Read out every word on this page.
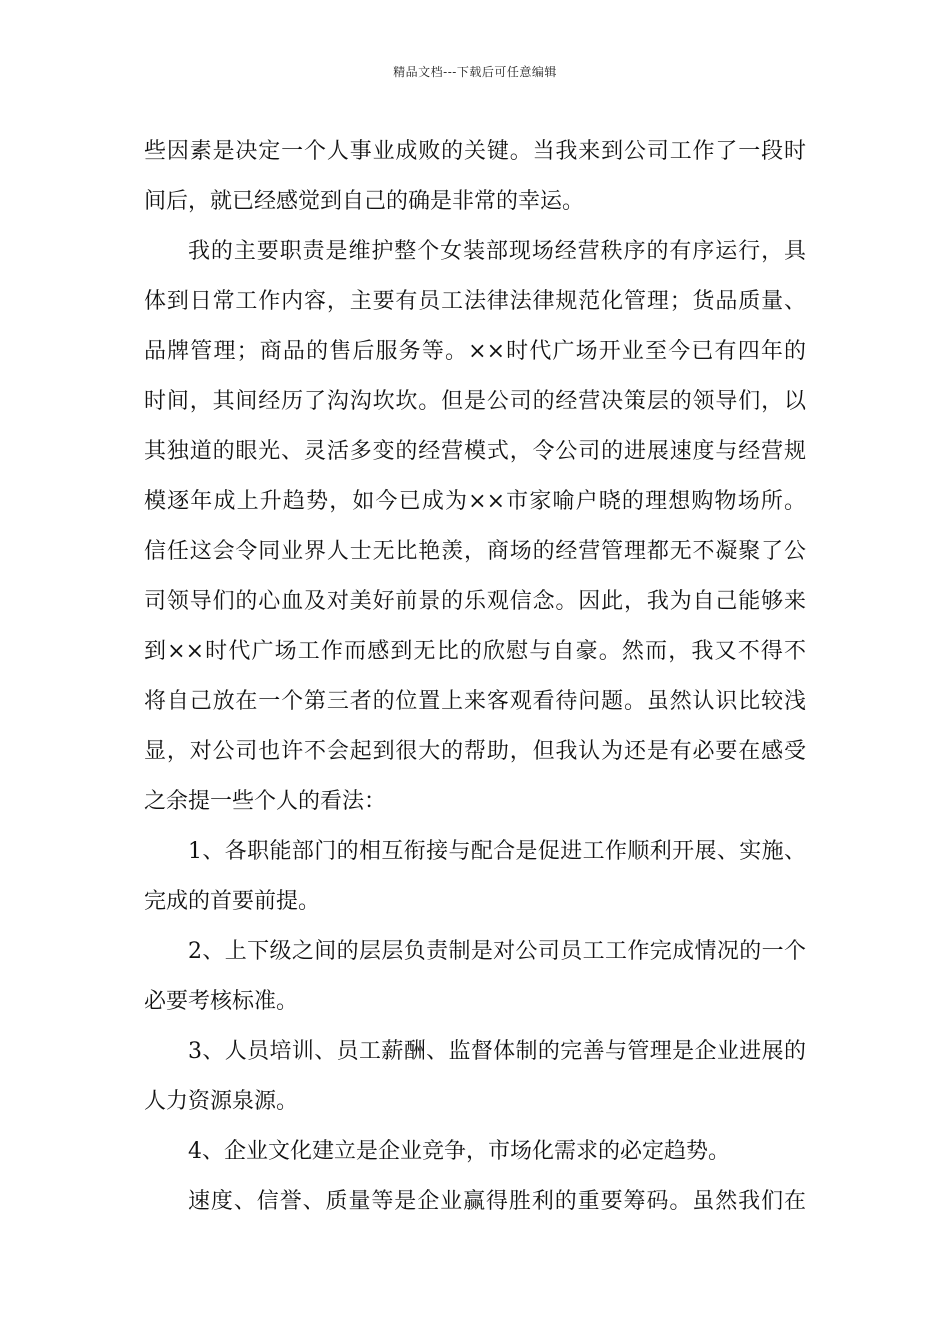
精品文档---下载后可任意编辑
些因素是决定一个人事业成败的关键。当我来到公司工作了一段时
间后，就已经感觉到自己的确是非常的幸运。
我的主要职责是维护整个女装部现场经营秩序的有序运行，具
体到日常工作内容，主要有员工法律法律规范化管理；货品质量、
品牌管理；商品的售后服务等。××时代广场开业至今已有四年的
时间，其间经历了沟沟坎坎。但是公司的经营决策层的领导们，以
其独道的眼光、灵活多变的经营模式，令公司的进展速度与经营规
模逐年成上升趋势，如今已成为××市家喻户晓的理想购物场所。
信任这会令同业界人士无比艳羡，商场的经营管理都无不凝聚了公
司领导们的心血及对美好前景的乐观信念。因此，我为自己能够来
到××时代广场工作而感到无比的欣慰与自豪。然而，我又不得不
将自己放在一个第三者的位置上来客观看待问题。虽然认识比较浅
显，对公司也许不会起到很大的帮助，但我认为还是有必要在感受
之余提一些个人的看法：
1、各职能部门的相互衔接与配合是促进工作顺利开展、实施、
完成的首要前提。
2、上下级之间的层层负责制是对公司员工工作完成情况的一个
必要考核标准。
3、人员培训、员工薪酬、监督体制的完善与管理是企业进展的
人力资源泉源。
4、企业文化建立是企业竞争，市场化需求的必定趋势。
速度、信誉、质量等是企业赢得胜利的重要筹码。虽然我们在
